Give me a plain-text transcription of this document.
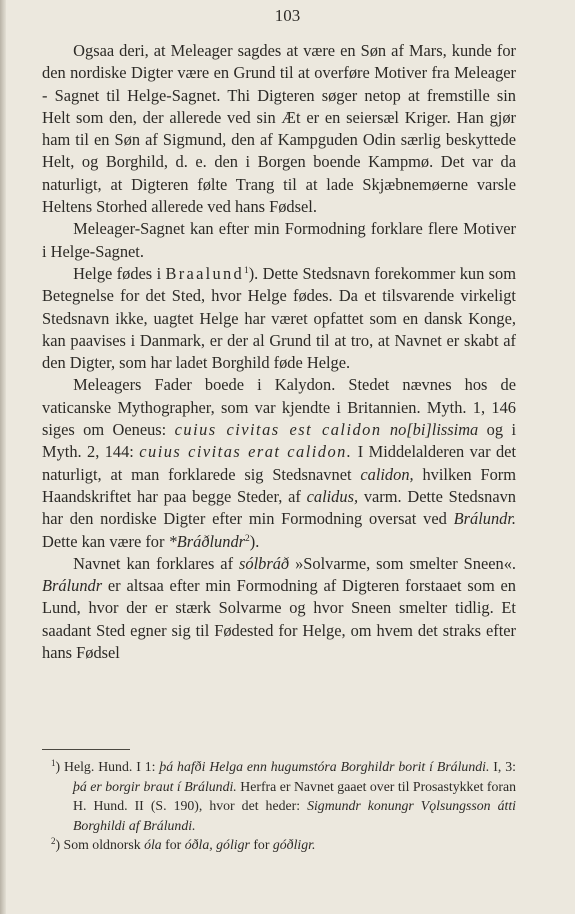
103

Ogsaa deri, at Meleager sagdes at være en Søn af Mars, kunde for den nordiske Digter være en Grund til at overføre Motiver fra Meleager - Sagnet til Helge-Sagnet. Thi Digteren søger netop at fremstille sin Helt som den, der allerede ved sin Æt er en seiersæl Kriger. Han gjør ham til en Søn af Sigmund, den af Kampguden Odin særlig beskyttede Helt, og Borghild, d. e. den i Borgen boende Kampmø. Det var da naturligt, at Digteren følte Trang til at lade Skjæbnemøerne varsle Heltens Storhed allerede ved hans Fødsel.

Meleager-Sagnet kan efter min Formodning forklare flere Motiver i Helge-Sagnet.

Helge fødes i Braalund$^1$). Dette Stedsnavn forekommer kun som Betegnelse for det Sted, hvor Helge fødes. Da et tilsvarende virkeligt Stedsnavn ikke, uagtet Helge har været opfattet som en dansk Konge, kan paavises i Danmark, er der al Grund til at tro, at Navnet er skabt af den Digter, som har ladet Borghild føde Helge.

Meleagers Fader boede i Kalydon. Stedet nævnes hos de vaticanske Mythographer, som var kjendte i Britannien. Myth. 1, 146 siges om Oeneus: cuius civitas est calidon no[bi]lissima og i Myth. 2, 144: cuius civitas erat calidon. I Middelalderen var det naturligt, at man forklarede sig Stedsnavnet calidon, hvilken Form Haandskriftet har paa begge Steder, af calidus, varm. Dette Stedsnavn har den nordiske Digter efter min Formodning oversat ved Brálundr. Dette kan være for *Bráðlundr$^2$).

Navnet kan forklares af sólbráð »Solvarme, som smelter Sneen«. Brálundr er altsaa efter min Formodning af Digteren forstaaet som en Lund, hvor der er stærk Solvarme og hvor Sneen smelter tidlig. Et saadant Sted egner sig til Fødested for Helge, om hvem det straks efter hans Fødsel

$^1$) Helg. Hund. I 1: þá hafði Helga enn hugumstóra Borghildr borit í Brálundi. I, 3: þá er borgir braut í Brálundi. Herfra er Navnet gaaet over til Prosastykket foran H. Hund. II (S. 190), hvor det heder: Sigmundr konungr Vǫlsungsson átti Borghildi af Brálundi.

$^2$) Som oldnorsk óla for óðla, góligr for góðligr.
